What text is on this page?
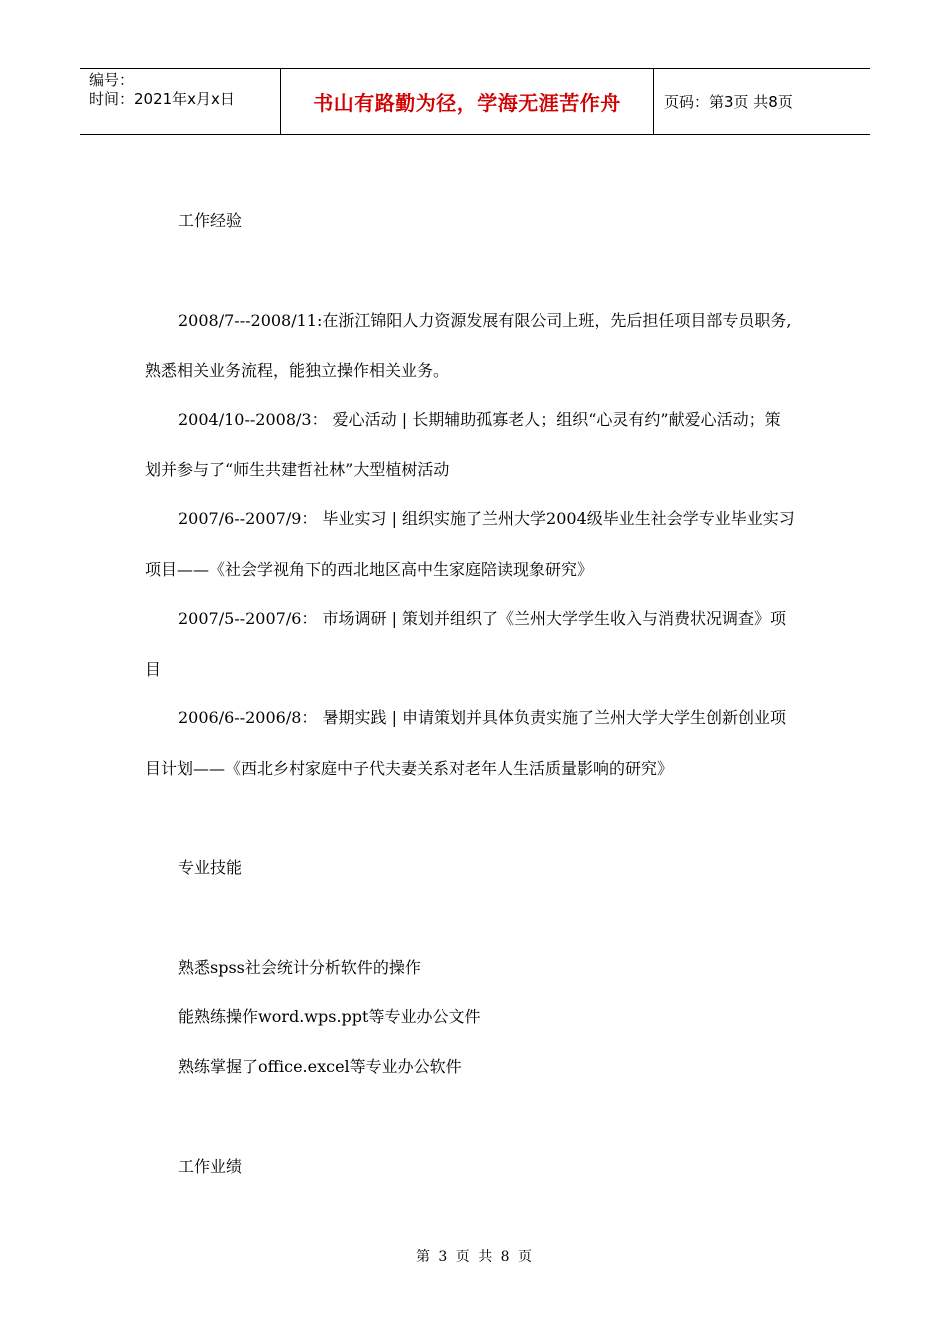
编号：
时间：2021年x月x日	书山有路勤为径，学海无涯苦作舟	页码：第3页 共8页
工作经验
2008/7---2008/11:在浙江锦阳人力资源发展有限公司上班，先后担任项目部专员职务,
熟悉相关业务流程，能独立操作相关业务。
2004/10--2008/3： 爱心活动 | 长期辅助孤寡老人；组织“心灵有约”献爱心活动；策
划并参与了“师生共建哲社林”大型植树活动
2007/6--2007/9： 毕业实习 | 组织实施了兰州大学2004级毕业生社会学专业毕业实习
项目——《社会学视角下的西北地区高中生家庭陪读现象研究》
2007/5--2007/6： 市场调研 | 策划并组织了《兰州大学学生收入与消费状况调查》项
目
2006/6--2006/8： 暑期实践 | 申请策划并具体负责实施了兰州大学大学生创新创业项
目计划——《西北乡村家庭中子代夫妻关系对老年人生活质量影响的研究》
专业技能
熟悉spss社会统计分析软件的操作
能熟练操作word.wps.ppt等专业办公文件
熟练掌握了office.excel等专业办公软件
工作业绩
第 3 页 共 8 页
